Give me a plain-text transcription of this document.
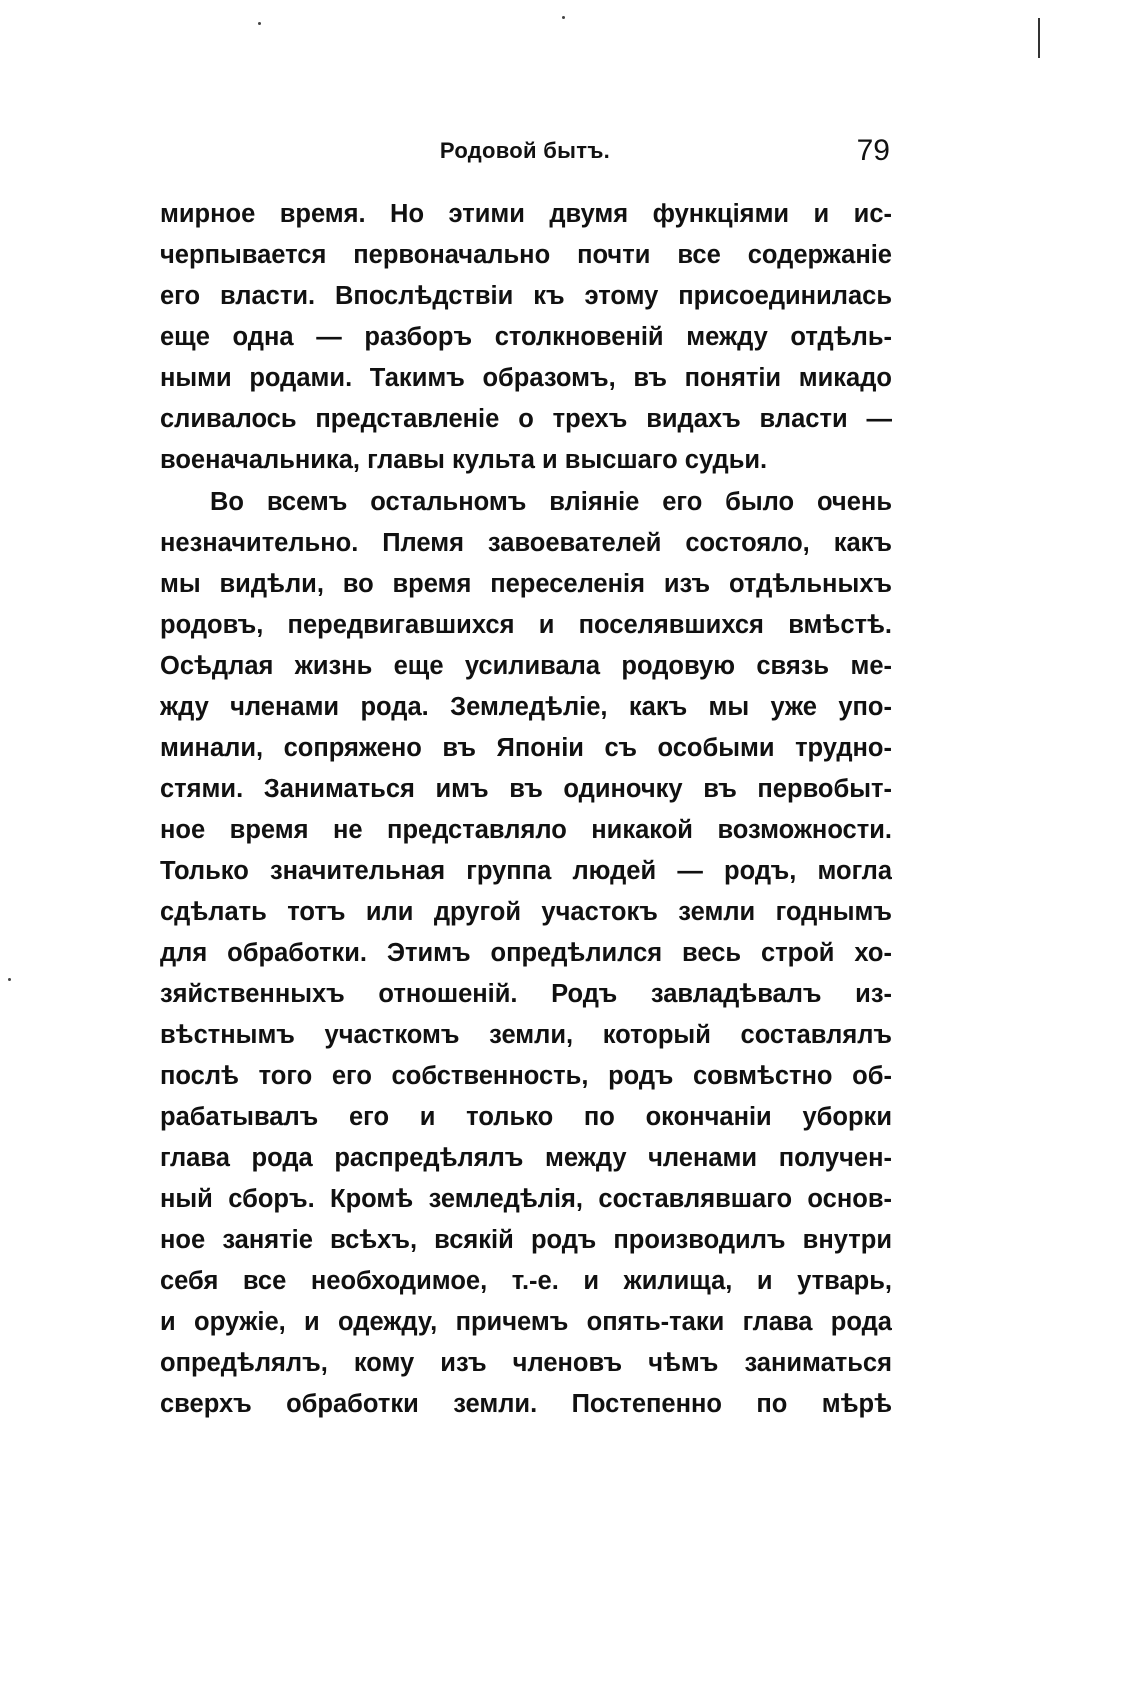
Родовой бытъ.	79
мирное время. Но этими двумя функціями и ис-
черпывается первоначально почти все содержаніе
его власти. Впослѣдствіи къ этому присоединилась
еще одна — разборъ столкновеній между отдѣль-
ными родами. Такимъ образомъ, въ понятіи микадо
сливалось представленіе о трехъ видахъ власти —
военачальника, главы культа и высшаго судьи.
Во всемъ остальномъ вліяніе его было очень
незначительно. Племя завоевателей состояло, какъ
мы видѣли, во время переселенія изъ отдѣльныхъ
родовъ, передвигавшихся и поселявшихся вмѣстѣ.
Осѣдлая жизнь еще усиливала родовую связь ме-
жду членами рода. Земледѣліе, какъ мы уже упо-
минали, сопряжено въ Японіи съ особыми трудно-
стями. Заниматься имъ въ одиночку въ первобыт-
ное время не представляло никакой возможности.
Только значительная группа людей — родъ, могла
сдѣлать тотъ или другой участокъ земли годнымъ
для обработки. Этимъ опредѣлился весь строй хо-
зяйственныхъ отношеній. Родъ завладѣвалъ из-
вѣстнымъ участкомъ земли, который составлялъ
послѣ того его собственность, родъ совмѣстно об-
рабатывалъ его и только по окончаніи уборки
глава рода распредѣлялъ между членами получен-
ный сборъ. Кромѣ земледѣлія, составлявшаго основ-
ное занятіе всѣхъ, всякій родъ производилъ внутри
себя все необходимое, т.-е. и жилища, и утварь,
и оружіе, и одежду, причемъ опять-таки глава рода
опредѣлялъ, кому изъ членовъ чѣмъ заниматься
сверхъ обработки земли. Постепенно по мѣрѣ
